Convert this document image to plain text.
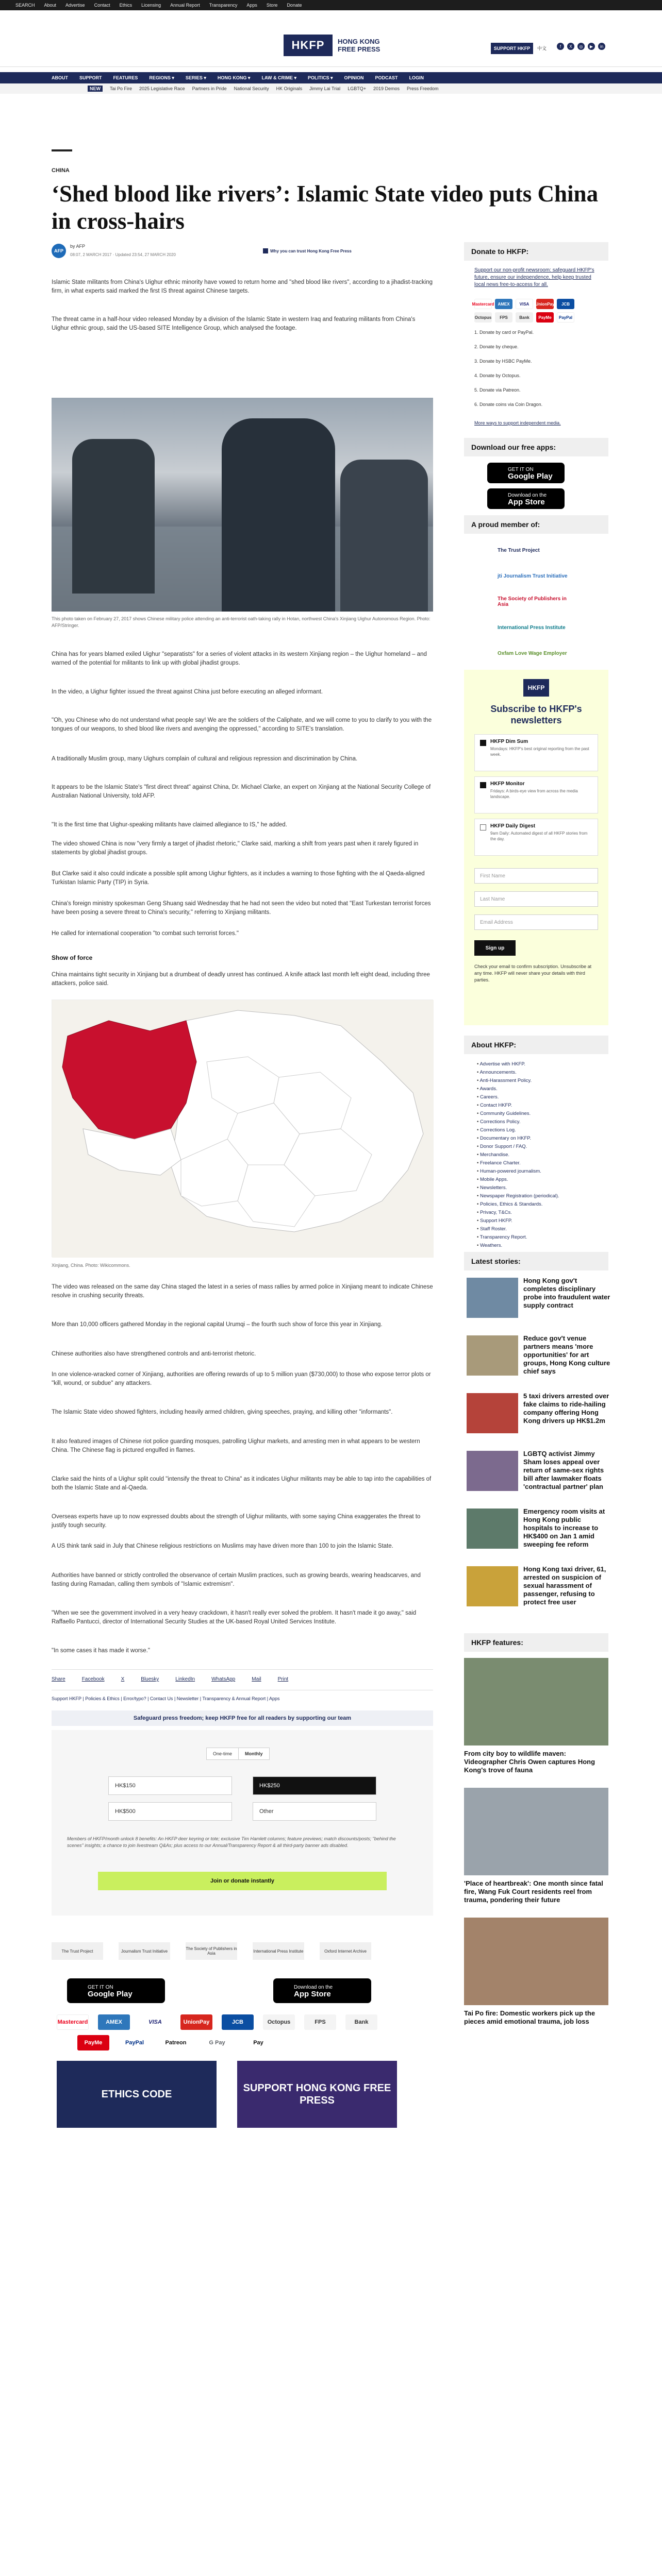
SEARCH About Advertise Contact Ethics Licensing Annual Report Transparency Apps Store Donate
HKFP	HONG KONG FREE PRESS	SUPPORT HKFP	中文	f	X	◎	▶	in
ABOUT SUPPORT FEATURES REGIONS ▾ SERIES ▾ HONG KONG ▾ LAW & CRIME ▾ POLITICS ▾ OPINION PODCAST LOGIN
NEW	Tai Po Fire 2025 Legislative Race Partners in Pride National Security HK Originals Jimmy Lai Trial LGBTQ+ 2019 Demos Press Freedom
CHINA
‘Shed blood like rivers’: Islamic State video puts China in cross-hairs
AFP
by AFP
08:07, 2 MARCH 2017 · Updated 23:54, 27 MARCH 2020
Why you can trust Hong Kong Free Press

Islamic State militants from China's Uighur ethnic minority have vowed to return home and "shed blood like rivers", according to a jihadist-tracking firm, in what experts said marked the first IS threat against Chinese targets.

The threat came in a half-hour video released Monday by a division of the Islamic State in western Iraq and featuring militants from China's Uighur ethnic group, said the US-based SITE Intelligence Group, which analysed the footage.

This photo taken on February 27, 2017 shows Chinese military police attending an anti-terrorist oath-taking rally in Hotan, northwest China's Xinjiang Uighur Autonomous Region. Photo: AFP/Stringer.

China has for years blamed exiled Uighur "separatists" for a series of violent attacks in its western Xinjiang region – the Uighur homeland – and warned of the potential for militants to link up with global jihadist groups.

In the video, a Uighur fighter issued the threat against China just before executing an alleged informant.

"Oh, you Chinese who do not understand what people say! We are the soldiers of the Caliphate, and we will come to you to clarify to you with the tongues of our weapons, to shed blood like rivers and avenging the oppressed," according to SITE's translation.

A traditionally Muslim group, many Uighurs complain of cultural and religious repression and discrimination by China.

It appears to be the Islamic State's "first direct threat" against China, Dr. Michael Clarke, an expert on Xinjiang at the National Security College of Australian National University, told AFP.

"It is the first time that Uighur-speaking militants have claimed allegiance to IS," he added.

The video showed China is now "very firmly a target of jihadist rhetoric," Clarke said, marking a shift from years past when it rarely figured in statements by global jihadist groups.

But Clarke said it also could indicate a possible split among Uighur fighters, as it includes a warning to those fighting with the al Qaeda-aligned Turkistan Islamic Party (TIP) in Syria.

China's foreign ministry spokesman Geng Shuang said Wednesday that he had not seen the video but noted that "East Turkestan terrorist forces have been posing a severe threat to China's security," referring to Xinjiang militants.

He called for international cooperation "to combat such terrorist forces."

Show of force

China maintains tight security in Xinjiang but a drumbeat of deadly unrest has continued. A knife attack last month left eight dead, including three attackers, police said.

Xinjiang, China. Photo: Wikicommons.

The video was released on the same day China staged the latest in a series of mass rallies by armed police in Xinjiang meant to indicate Chinese resolve in crushing security threats.

More than 10,000 officers gathered Monday in the regional capital Urumqi – the fourth such show of force this year in Xinjiang.

Chinese authorities also have strengthened controls and anti-terrorist rhetoric.

In one violence-wracked corner of Xinjiang, authorities are offering rewards of up to 5 million yuan ($730,000) to those who expose terror plots or "kill, wound, or subdue" any attackers.

The Islamic State video showed fighters, including heavily armed children, giving speeches, praying, and killing other "informants".

It also featured images of Chinese riot police guarding mosques, patrolling Uighur markets, and arresting men in what appears to be western China. The Chinese flag is pictured engulfed in flames.

Clarke said the hints of a Uighur split could "intensify the threat to China" as it indicates Uighur militants may be able to tap into the capabilities of both the Islamic State and al-Qaeda.

Overseas experts have up to now expressed doubts about the strength of Uighur militants, with some saying China exaggerates the threat to justify tough security.

A US think tank said in July that Chinese religious restrictions on Muslims may have driven more than 100 to join the Islamic State.

Authorities have banned or strictly controlled the observance of certain Muslim practices, such as growing beards, wearing headscarves, and fasting during Ramadan, calling them symbols of "Islamic extremism".

"When we see the government involved in a very heavy crackdown, it hasn't really ever solved the problem. It hasn't made it go away," said Raffaello Pantucci, director of International Security Studies at the UK-based Royal United Services Institute.

"In some cases it has made it worse."

Share	Facebook	X	Bluesky	LinkedIn	WhatsApp	Mail	Print
Support HKFP | Policies & Ethics | Error/typo? | Contact Us | Newsletter | Transparency & Annual Report | Apps
Safeguard press freedom; keep HKFP free for all readers by supporting our team
One-time	Monthly
HK$150	HK$250
HK$500	Other
Members of HKFP/month unlock 8 benefits: An HKFP deer keyring or tote; exclusive Tim Hamlett columns; feature previews; match discounts/posts; "behind the scenes" insights; a chance to join livestream Q&As; plus access to our Annual/Transparency Report & all third-party banner ads disabled.
Join or donate instantly
The Trust Project	Journalism Trust Initiative	The Society of Publishers in Asia	International Press Institute	Oxford Internet Archive
GET IT ON
Google Play
Download on the
App Store
Mastercard	AMEX	VISA	UnionPay	JCB	Octopus	FPS	Bank
PayMe	PayPal	Patreon	G Pay	Pay
ETHICS CODE
SUPPORT HONG KONG FREE PRESS
Donate to HKFP:
Support our non-profit newsroom: safeguard HKFP's future, ensure our independence, help keep trusted local news free-to-access for all.
Mastercard AMEX	VISA	UnionPay	JCB
Octopus	FPS	Bank	PayMe	PayPal
1. Donate by card or PayPal.
2. Donate by cheque.
3. Donate by HSBC PayMe.
4. Donate by Octopus.
5. Donate via Patreon.
6. Donate coins via Coin Dragon.
More ways to support independent media.
Download our free apps:
GET IT ON
Google Play
Download on the
App Store
A proud member of:
The Trust Project
jti Journalism Trust Initiative
The Society of Publishers in Asia
International Press Institute
Oxfam Love Wage Employer
HKFP
Subscribe to HKFP's newsletters
HKFP Dim Sum
Mondays: HKFP's best original reporting from the past week.
HKFP Monitor
Fridays: A birds-eye view from across the media landscape.
HKFP Daily Digest
9am Daily: Automated digest of all HKFP stories from the day.
First Name
Last Name
Email Address
Sign up
Check your email to confirm subscription. Unsubscribe at any time. HKFP will never share your details with third parties.
About HKFP:
• Advertise with HKFP.
• Announcements.
• Anti-Harassment Policy.
• Awards.
• Careers.
• Contact HKFP.
• Community Guidelines.
• Corrections Policy.
• Corrections Log.
• Documentary on HKFP.
• Donor Support / FAQ.
• Merchandise.
• Freelance Charter.
• Human-powered journalism.
• Mobile Apps.
• Newsletters.
• Newspaper Registration (periodical).
• Policies, Ethics & Standards.
• Privacy, T&Cs.
• Support HKFP.
• Staff Roster.
• Transparency Report.
• Weathers.
Latest stories:
Hong Kong gov't completes disciplinary probe into fraudulent water supply contract
Reduce gov't venue partners means 'more opportunities' for art groups, Hong Kong culture chief says
5 taxi drivers arrested over fake claims to ride-hailing company offering Hong Kong drivers up HK$1.2m
LGBTQ activist Jimmy Sham loses appeal over return of same-sex rights bill after lawmaker floats 'contractual partner' plan
Emergency room visits at Hong Kong public hospitals to increase to HK$400 on Jan 1 amid sweeping fee reform
Hong Kong taxi driver, 61, arrested on suspicion of sexual harassment of passenger, refusing to protect free user
HKFP features:
From city boy to wildlife maven: Videographer Chris Owen captures Hong Kong's trove of fauna
'Place of heartbreak': One month since fatal fire, Wang Fuk Court residents reel from trauma, pondering their future
Tai Po fire: Domestic workers pick up the pieces amid emotional trauma, job loss
